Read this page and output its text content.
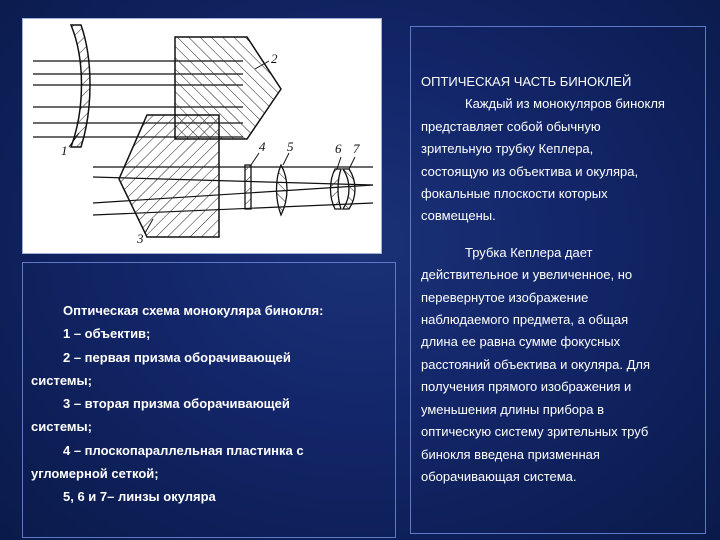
1
2
3
4 5	6 7
Оптическая схема монокуляра бинокля:
1 – объектив;
2 – первая призма оборачивающей
системы;
3 – вторая призма оборачивающей
системы;
4 – плоскопараллельная пластинка с
угломерной сеткой;
5, 6 и 7– линзы окуляра
ОПТИЧЕСКАЯ ЧАСТЬ БИНОКЛЕЙ
Каждый из монокуляров бинокля
представляет собой обычную
зрительную трубку Кеплера,
состоящую из объектива и окуляра,
фокальные плоскости которых
совмещены.
Трубка Кеплера дает
действительное и увеличенное, но
перевернутое изображение
наблюдаемого предмета, а общая
длина ее равна сумме фокусных
расстояний объектива и окуляра. Для
получения прямого изображения и
уменьшения длины прибора в
оптическую систему зрительных труб
бинокля введена призменная
оборачивающая система.
